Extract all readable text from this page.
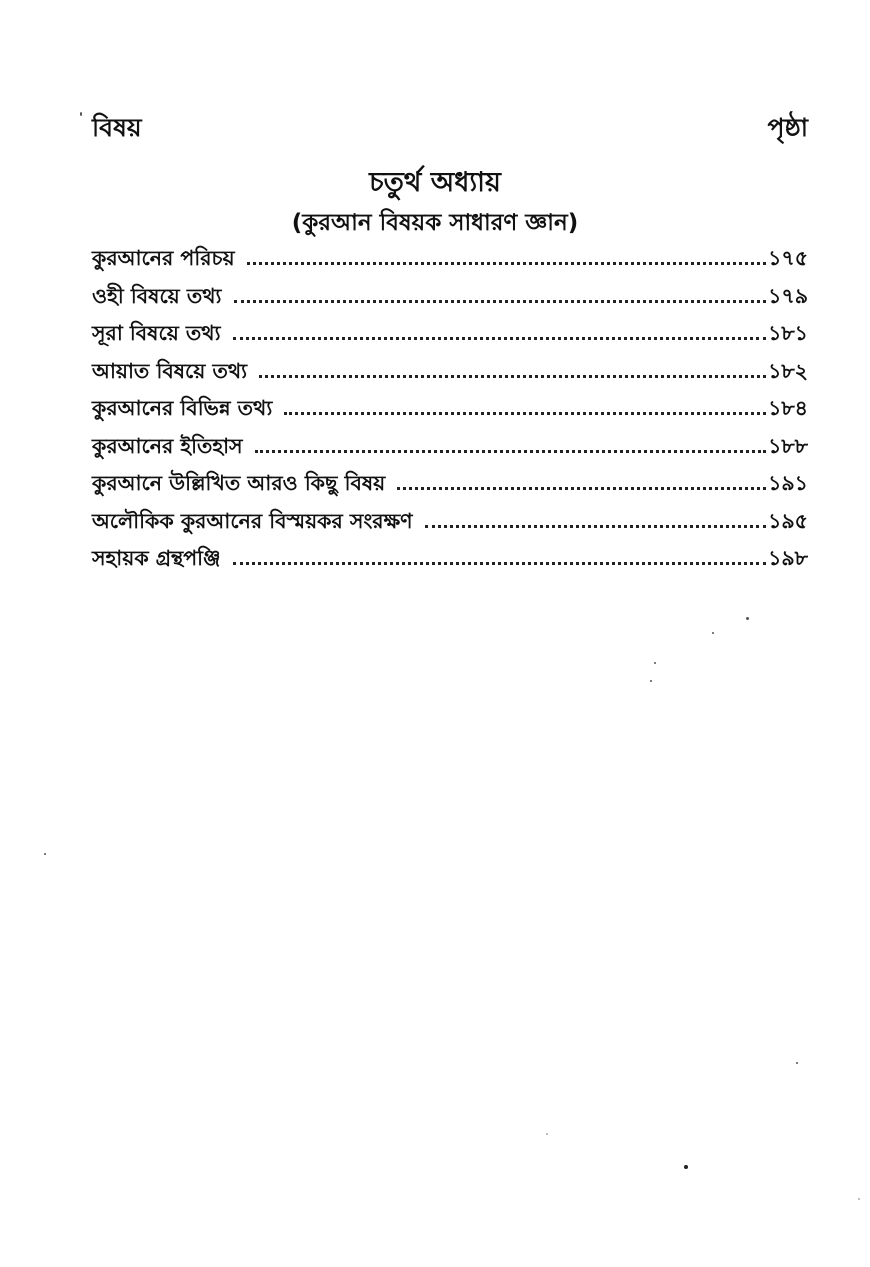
বিষয়	পৃষ্ঠা
চতুর্থ অধ্যায়
(কুরআন বিষয়ক সাধারণ জ্ঞান)
কুরআনের পরিচয়	১৭৫
ওহী বিষয়ে তথ্য	১৭৯
সূরা বিষয়ে তথ্য	১৮১
আয়াত বিষয়ে তথ্য	১৮২
কুরআনের বিভিন্ন তথ্য	১৮৪
কুরআনের ইতিহাস	১৮৮
কুরআনে উল্লিখিত আরও কিছু বিষয়	১৯১
অলৌকিক কুরআনের বিস্ময়কর সংরক্ষণ	১৯৫
সহায়ক গ্রন্থপঞ্জি	১৯৮
